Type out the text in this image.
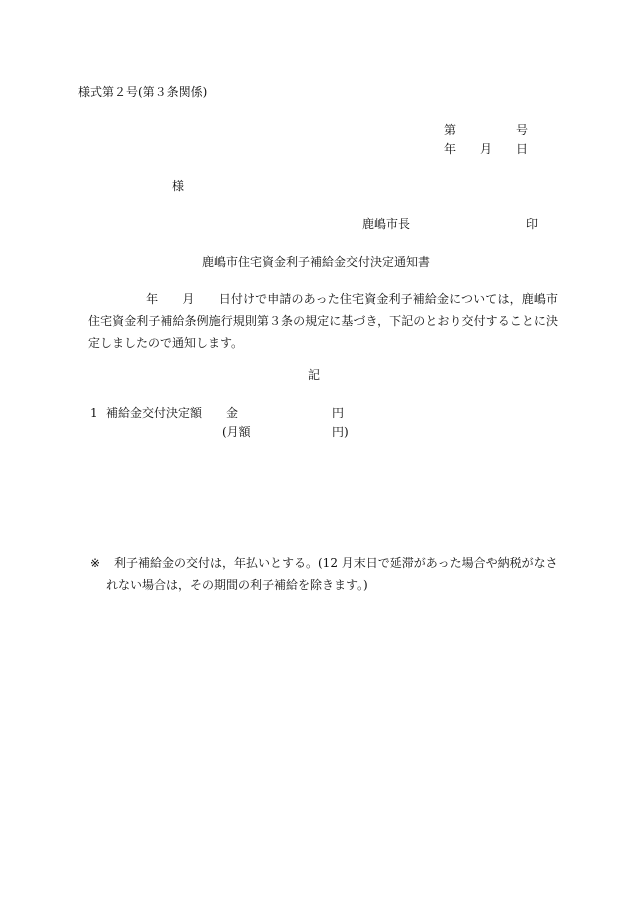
様式第２号(第３条関係)
第	号
年 月 日
様
鹿嶋市長	印
鹿嶋市住宅資金利子補給金交付決定通知書
年 月 日付けで申請のあった住宅資金利子補給金については，鹿嶋市住宅資金利子補給条例施行規則第３条の規定に基づき，下記のとおり交付することに決定しましたので通知します。
記
1 補給金交付決定額 金	円
(月額	円)
※ 利子補給金の交付は，年払いとする。(12 月末日で延滞があった場合や納税がなさ
れない場合は，その期間の利子補給を除きます。)
